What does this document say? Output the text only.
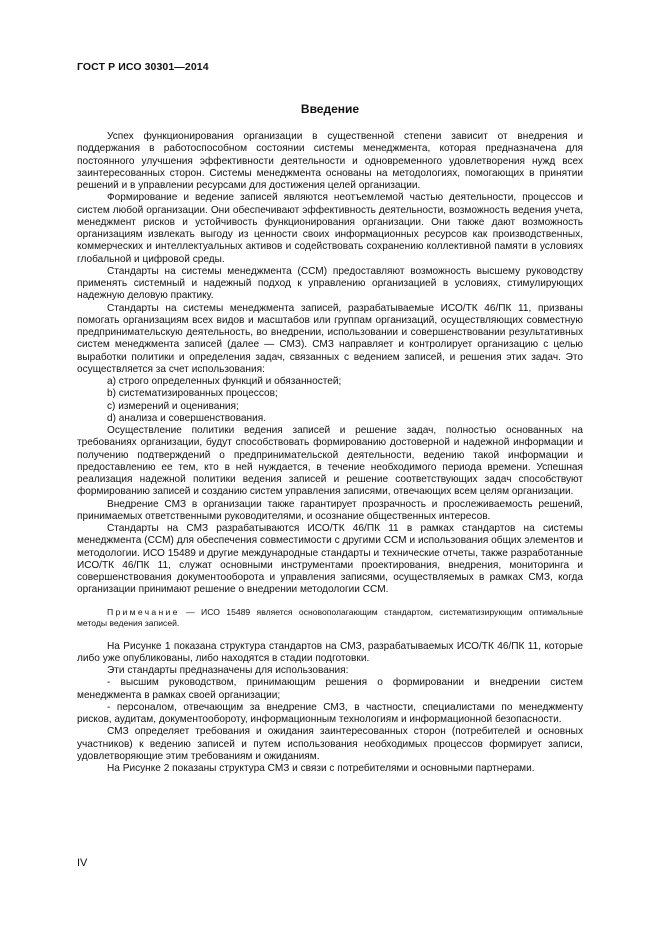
ГОСТ Р ИСО 30301—2014
Введение

Успех функционирования организации в существенной степени зависит от внедрения и поддержания в работоспособном состоянии системы менеджмента, которая предназначена для постоянного улучшения эффективности деятельности и одновременного удовлетворения нужд всех заинтересованных сторон. Системы менеджмента основаны на методологиях, помогающих в принятии решений и в управлении ресурсами для достижения целей организации.

Формирование и ведение записей являются неотъемлемой частью деятельности, процессов и систем любой организации. Они обеспечивают эффективность деятельности, возможность ведения учета, менеджмент рисков и устойчивость функционирования организации. Они также дают возможность организациям извлекать выгоду из ценности своих информационных ресурсов как производственных, коммерческих и интеллектуальных активов и содействовать сохранению коллективной памяти в условиях глобальной и цифровой среды.

Стандарты на системы менеджмента (ССМ) предоставляют возможность высшему руководству применять системный и надежный подход к управлению организацией в условиях, стимулирующих надежную деловую практику.

Стандарты на системы менеджмента записей, разрабатываемые ИСО/ТК 46/ПК 11, призваны помогать организациям всех видов и масштабов или группам организаций, осуществляющих совместную предпринимательскую деятельность, во внедрении, использовании и совершенствовании результативных систем менеджмента записей (далее — СМЗ). СМЗ направляет и контролирует организацию с целью выработки политики и определения задач, связанных с ведением записей, и решения этих задач. Это осуществляется за счет использования:

а) строго определенных функций и обязанностей;

b) систематизированных процессов;

c) измерений и оценивания;

d) анализа и совершенствования.

Осуществление политики ведения записей и решение задач, полностью основанных на требованиях организации, будут способствовать формированию достоверной и надежной информации и получению подтверждений о предпринимательской деятельности, ведению такой информации и предоставлению ее тем, кто в ней нуждается, в течение необходимого периода времени. Успешная реализация надежной политики ведения записей и решение соответствующих задач способствуют формированию записей и созданию систем управления записями, отвечающих всем целям организации.

Внедрение СМЗ в организации также гарантирует прозрачность и прослеживаемость решений, принимаемых ответственными руководителями, и осознание общественных интересов.

Стандарты на СМЗ разрабатываются ИСО/ТК 46/ПК 11 в рамках стандартов на системы менеджмента (ССМ) для обеспечения совместимости с другими ССМ и использования общих элементов и методологии. ИСО 15489 и другие международные стандарты и технические отчеты, также разработанные ИСО/ТК 46/ПК 11, служат основными инструментами проектирования, внедрения, мониторинга и совершенствования документооборота и управления записями, осуществляемых в рамках СМЗ, когда организации принимают решение о внедрении методологии ССМ.

Примечание — ИСО 15489 является основополагающим стандартом, систематизирующим оптимальные методы ведения записей.

На Рисунке 1 показана структура стандартов на СМЗ, разрабатываемых ИСО/ТК 46/ПК 11, которые либо уже опубликованы, либо находятся в стадии подготовки.

Эти стандарты предназначены для использования:

- высшим руководством, принимающим решения о формировании и внедрении систем менеджмента в рамках своей организации;

- персоналом, отвечающим за внедрение СМЗ, в частности, специалистами по менеджменту рисков, аудитам, документообороту, информационным технологиям и информационной безопасности.

СМЗ определяет требования и ожидания заинтересованных сторон (потребителей и основных участников) к ведению записей и путем использования необходимых процессов формирует записи, удовлетворяющие этим требованиям и ожиданиям.

На Рисунке 2 показаны структура СМЗ и связи с потребителями и основными партнерами.

IV
